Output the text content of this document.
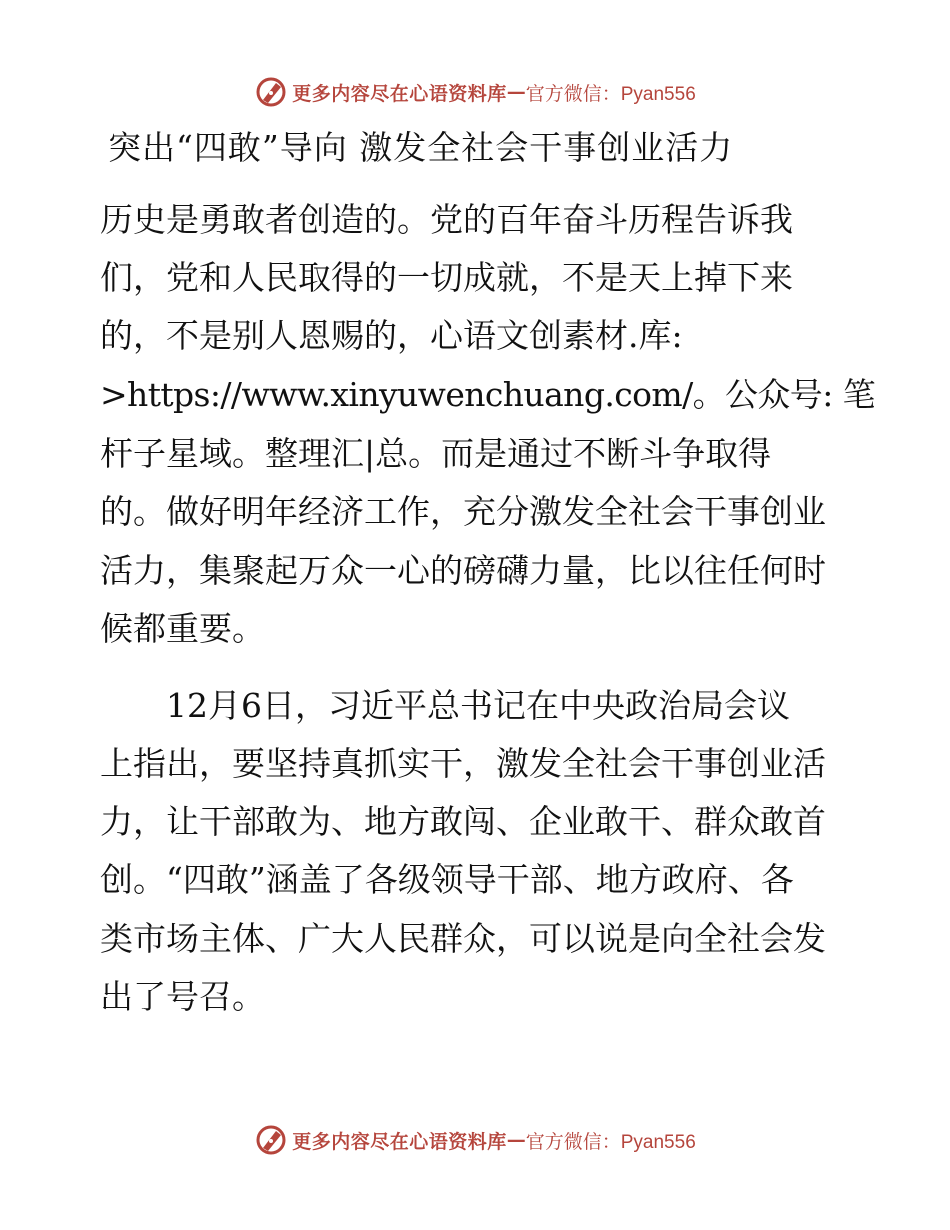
更多内容尽在心语资料库 — 官方微信：Pyan556
突出“四敢”导向 激发全社会干事创业活力
历史是勇敢者创造的。党的百年奋斗历程告诉我
们，党和人民取得的一切成就，不是天上掉下来
的，不是别人恩赐的，心语文创素材.库:
>https://www.xinyuwenchuang.com/。公众号: 笔
杆子星域。整理汇|总。而是通过不断斗争取得
的。做好明年经济工作，充分激发全社会干事创业
活力，集聚起万众一心的磅礴力量，比以往任何时
候都重要。
　　12月6日，习近平总书记在中央政治局会议
上指出，要坚持真抓实干，激发全社会干事创业活
力，让干部敢为、地方敢闯、企业敢干、群众敢首
创。“四敢”涵盖了各级领导干部、地方政府、各
类市场主体、广大人民群众，可以说是向全社会发
出了号召。
更多内容尽在心语资料库 — 官方微信：Pyan556
